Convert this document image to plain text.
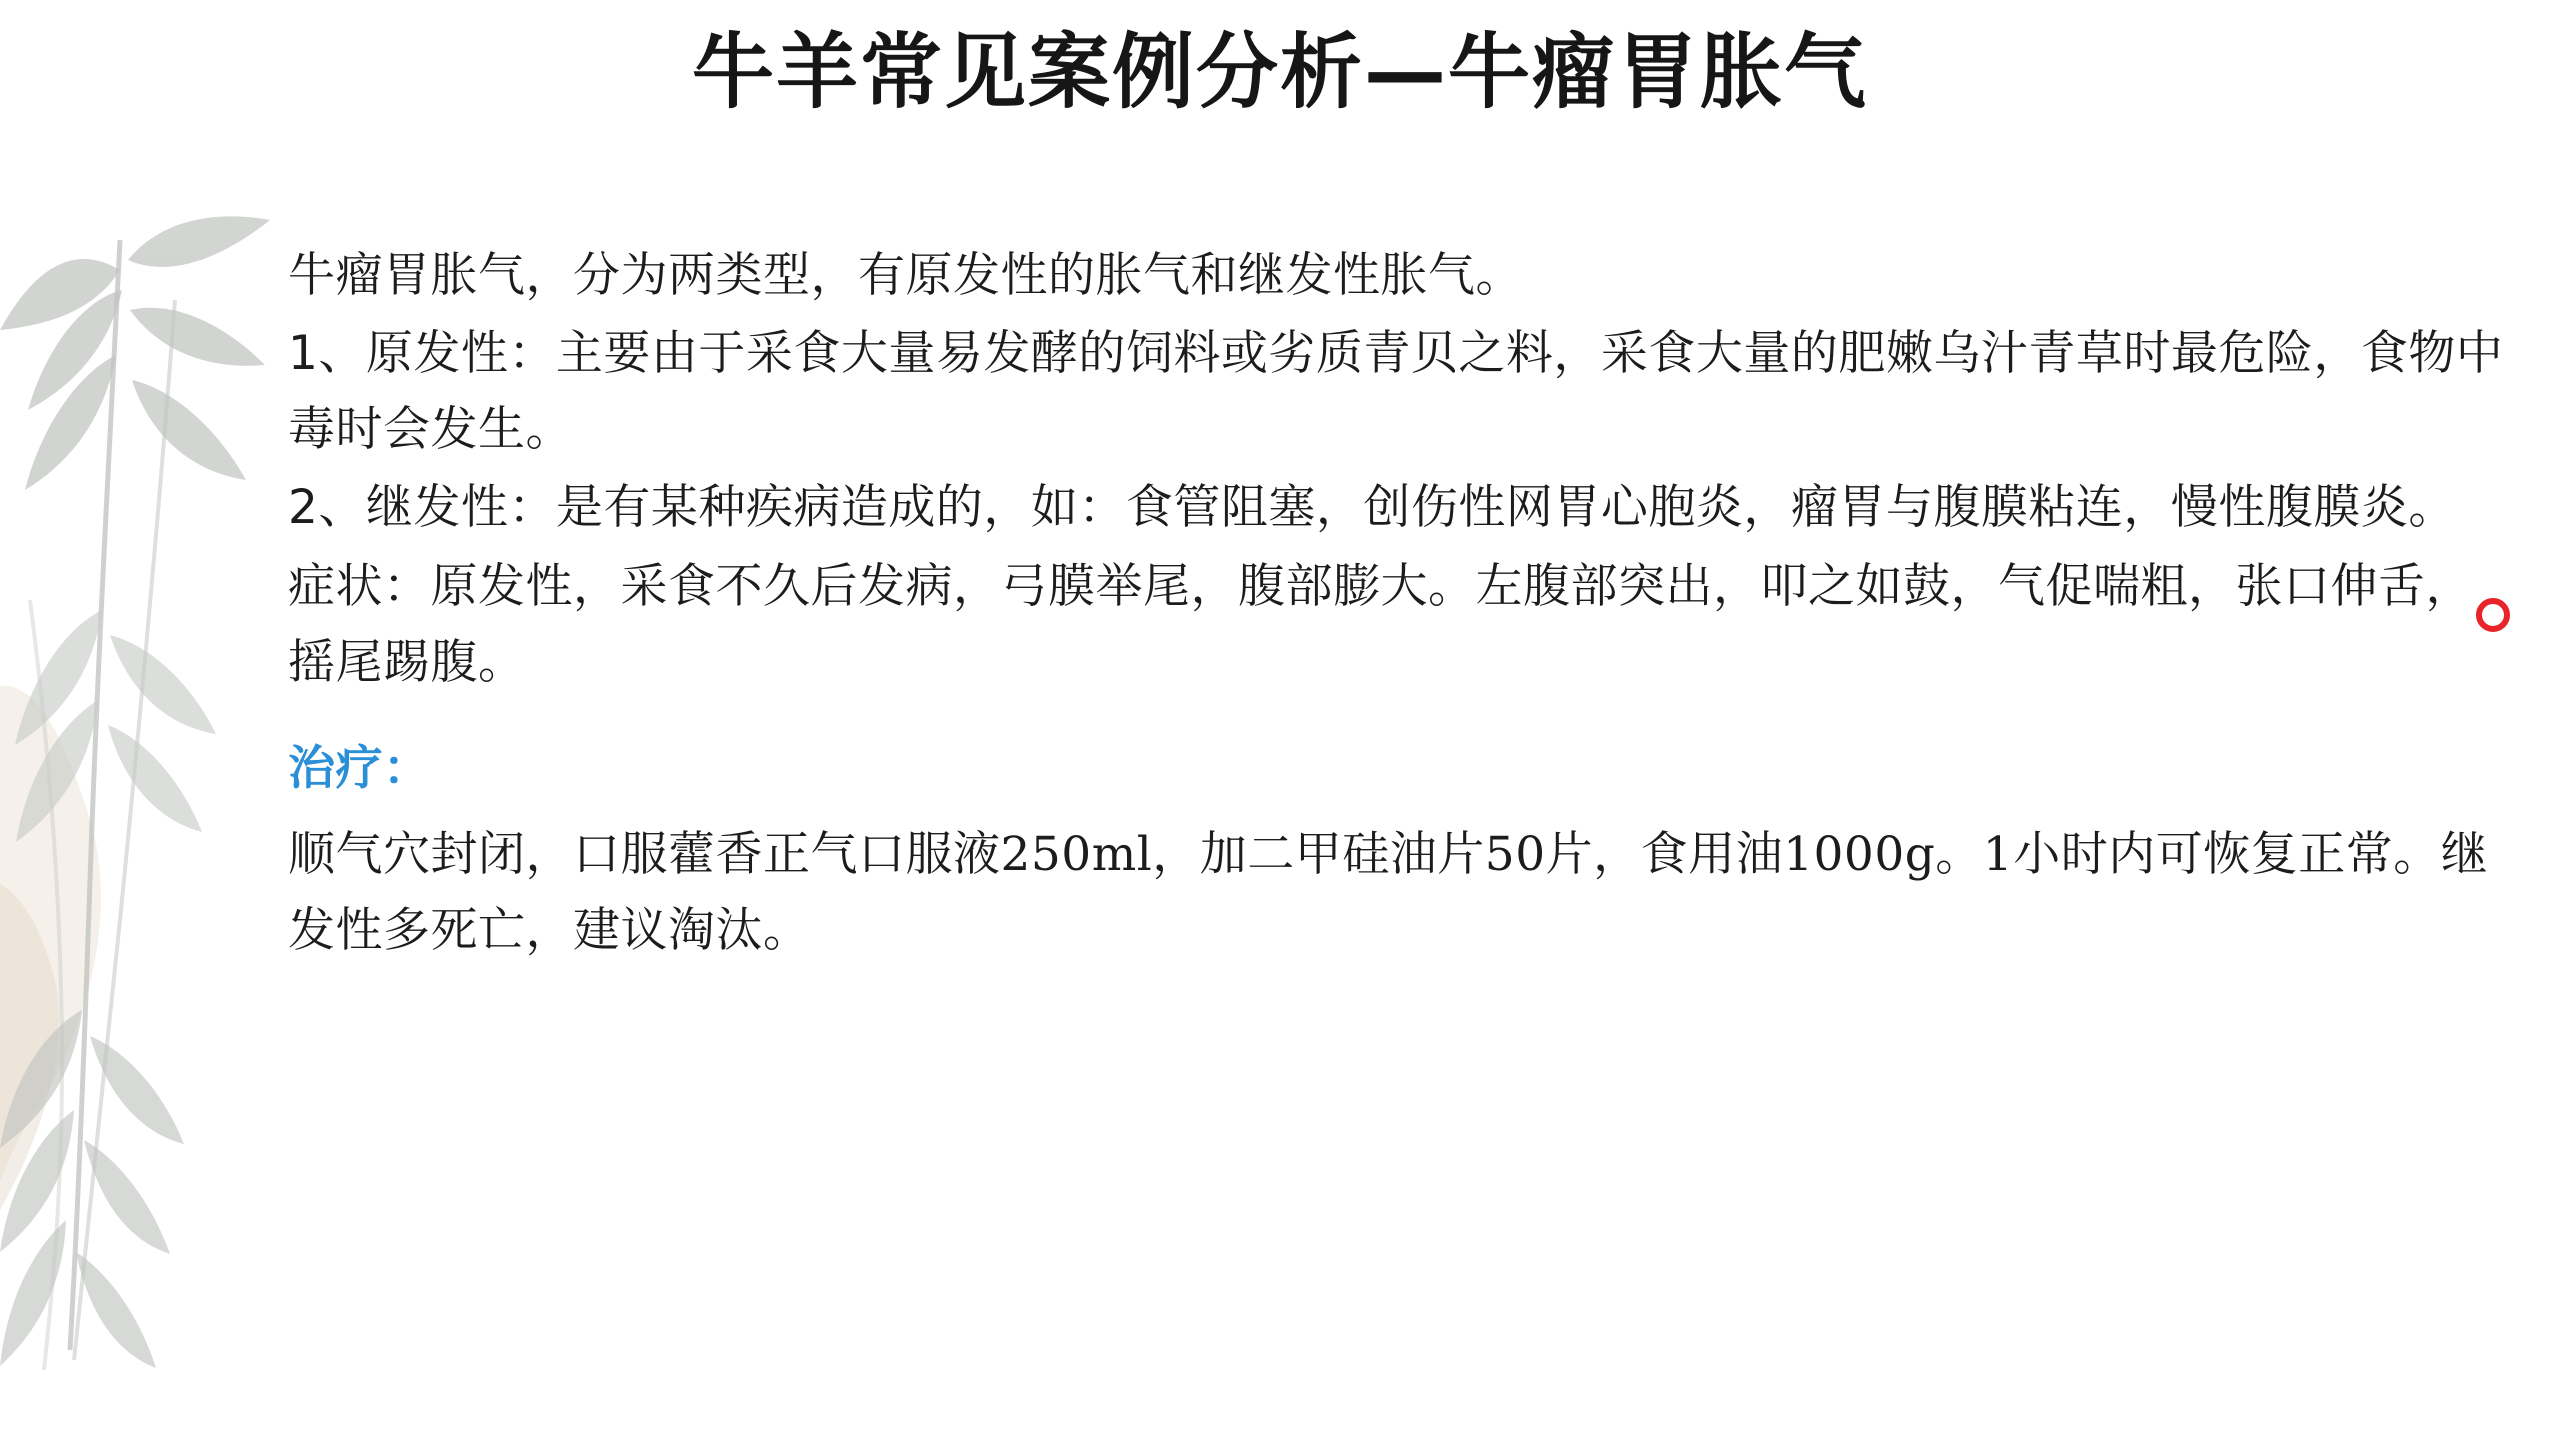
牛羊常见案例分析—牛瘤胃胀气

牛瘤胃胀气，分为两类型，有原发性的胀气和继发性胀气。

1、原发性：主要由于采食大量易发酵的饲料或劣质青贝之料，采食大量的肥嫩乌汁青草时最危险，食物中毒时会发生。

2、继发性：是有某种疾病造成的，如：食管阻塞，创伤性网胃心胞炎，瘤胃与腹膜粘连，慢性腹膜炎。

症状：原发性，采食不久后发病，弓膜举尾，腹部膨大。左腹部突出，叩之如鼓，气促喘粗，张口伸舌，摇尾踢腹。

治疗：

顺气穴封闭，口服藿香正气口服液250ml，加二甲硅油片50片，食用油1000g。1小时内可恢复正常。继发性多死亡，建议淘汰。
